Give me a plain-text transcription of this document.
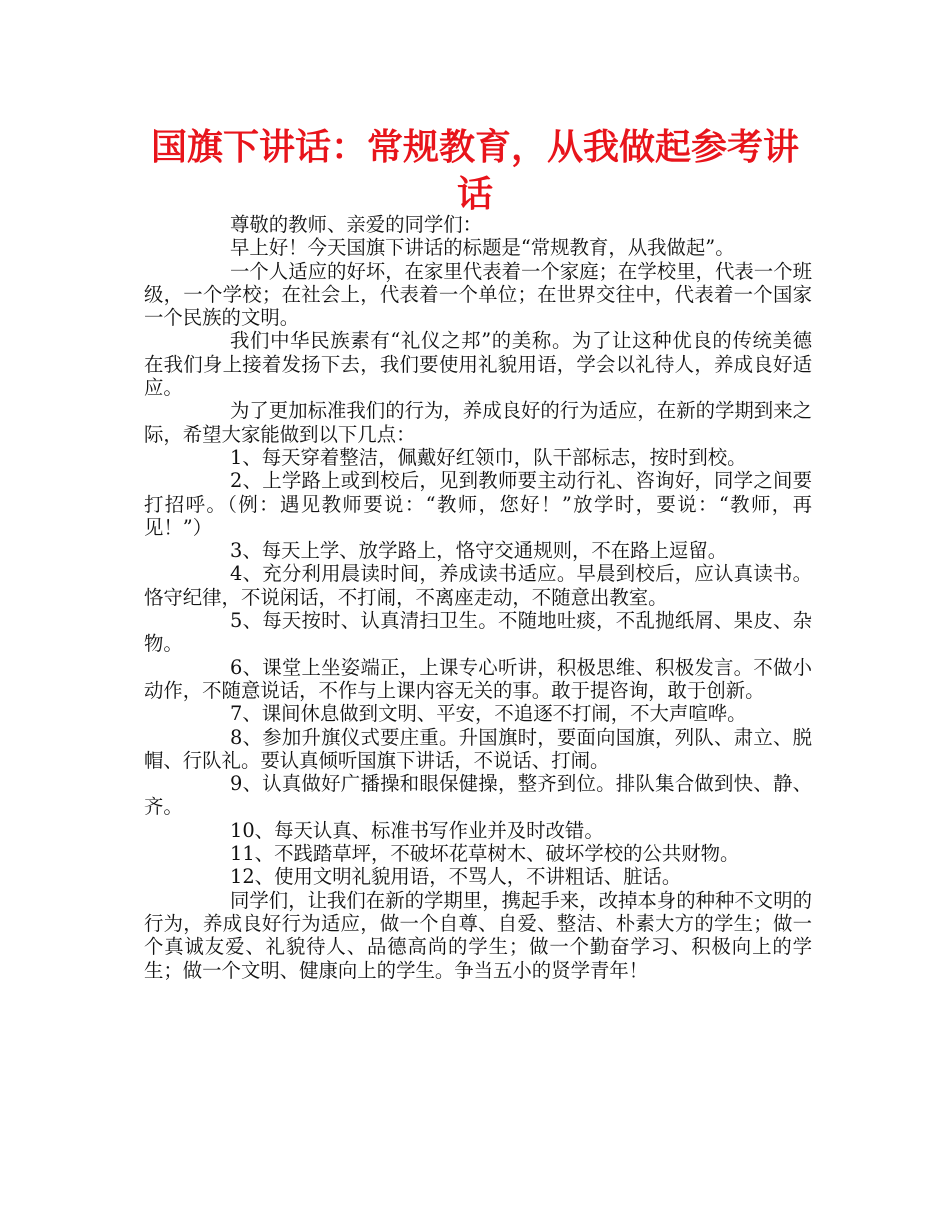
国旗下讲话：常规教育，从我做起参考讲话

尊敬的教师、亲爱的同学们：

早上好！今天国旗下讲话的标题是“常规教育，从我做起”。

一个人适应的好坏，在家里代表着一个家庭；在学校里，代表一个班级，一个学校；在社会上，代表着一个单位；在世界交往中，代表着一个国家一个民族的文明。

我们中华民族素有“礼仪之邦”的美称。为了让这种优良的传统美德在我们身上接着发扬下去，我们要使用礼貌用语，学会以礼待人，养成良好适应。

为了更加标准我们的行为，养成良好的行为适应，在新的学期到来之际，希望大家能做到以下几点：

1、每天穿着整洁，佩戴好红领巾，队干部标志，按时到校。

2、上学路上或到校后，见到教师要主动行礼、咨询好，同学之间要打招呼。（例：遇见教师要说：“教师，您好！”放学时，要说：“教师，再见！”）

3、每天上学、放学路上，恪守交通规则，不在路上逗留。

4、充分利用晨读时间，养成读书适应。早晨到校后，应认真读书。恪守纪律，不说闲话，不打闹，不离座走动，不随意出教室。

5、每天按时、认真清扫卫生。不随地吐痰，不乱抛纸屑、果皮、杂物。

6、课堂上坐姿端正，上课专心听讲，积极思维、积极发言。不做小动作，不随意说话，不作与上课内容无关的事。敢于提咨询，敢于创新。

7、课间休息做到文明、平安，不追逐不打闹，不大声喧哗。

8、参加升旗仪式要庄重。升国旗时，要面向国旗，列队、肃立、脱帽、行队礼。要认真倾听国旗下讲话，不说话、打闹。

9、认真做好广播操和眼保健操，整齐到位。排队集合做到快、静、齐。

10、每天认真、标准书写作业并及时改错。

11、不践踏草坪，不破坏花草树木、破坏学校的公共财物。

12、使用文明礼貌用语，不骂人，不讲粗话、脏话。

同学们，让我们在新的学期里，携起手来，改掉本身的种种不文明的行为，养成良好行为适应，做一个自尊、自爱、整洁、朴素大方的学生；做一个真诚友爱、礼貌待人、品德高尚的学生；做一个勤奋学习、积极向上的学生；做一个文明、健康向上的学生。争当五小的贤学青年！
